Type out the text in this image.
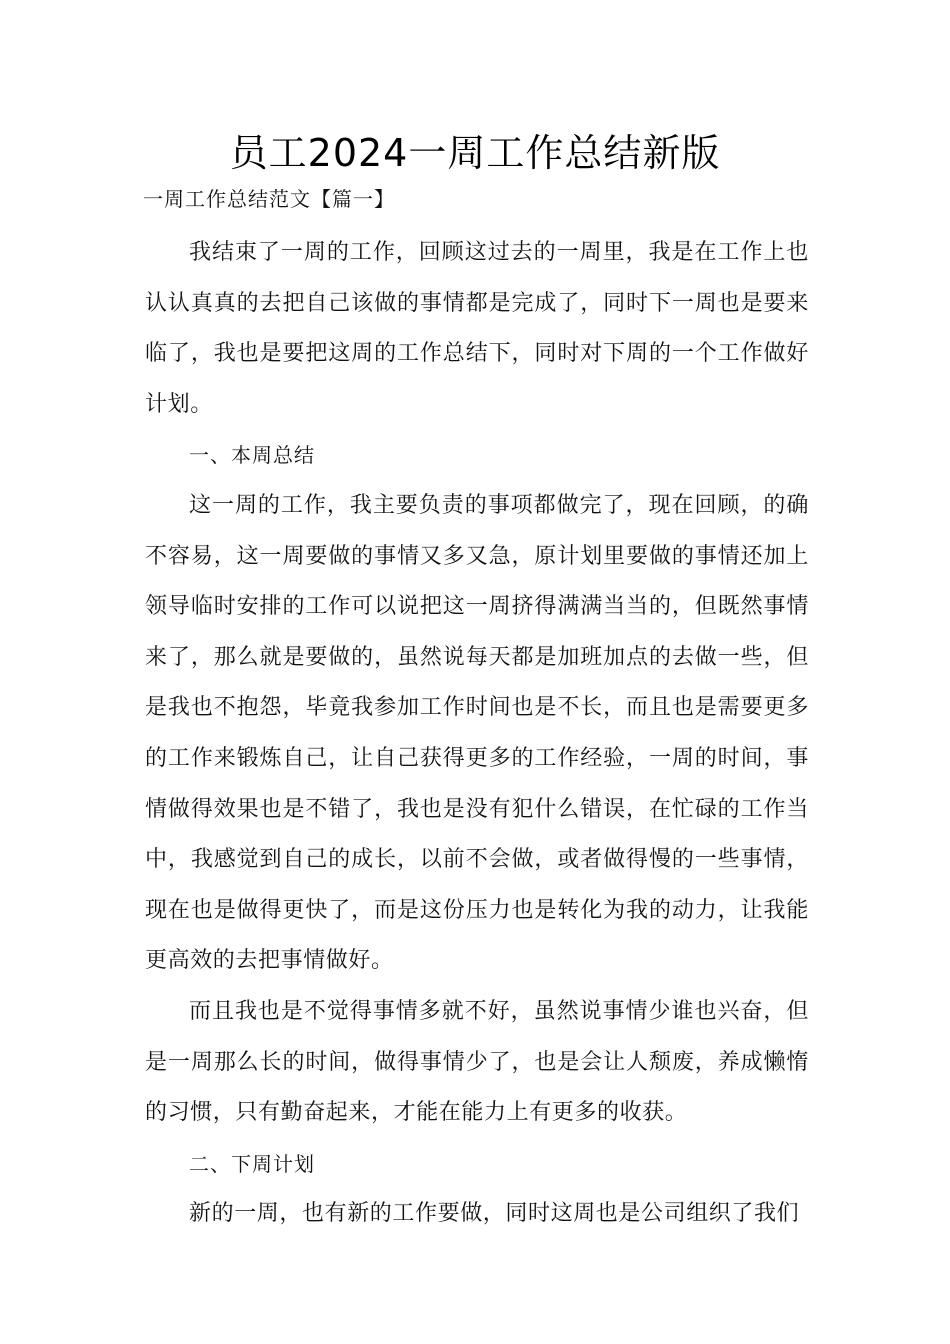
员工2024一周工作总结新版
一周工作总结范文【篇一】

我结束了一周的工作，回顾这过去的一周里，我是在工作上也认认真真的去把自己该做的事情都是完成了，同时下一周也是要来临了，我也是要把这周的工作总结下，同时对下周的一个工作做好计划。

一、本周总结

这一周的工作，我主要负责的事项都做完了，现在回顾，的确不容易，这一周要做的事情又多又急，原计划里要做的事情还加上领导临时安排的工作可以说把这一周挤得满满当当的，但既然事情来了，那么就是要做的，虽然说每天都是加班加点的去做一些，但是我也不抱怨，毕竟我参加工作时间也是不长，而且也是需要更多的工作来锻炼自己，让自己获得更多的工作经验，一周的时间，事情做得效果也是不错了，我也是没有犯什么错误，在忙碌的工作当中，我感觉到自己的成长，以前不会做，或者做得慢的一些事情，现在也是做得更快了，而是这份压力也是转化为我的动力，让我能更高效的去把事情做好。

而且我也是不觉得事情多就不好，虽然说事情少谁也兴奋，但是一周那么长的时间，做得事情少了，也是会让人颓废，养成懒惰的习惯，只有勤奋起来，才能在能力上有更多的收获。

二、下周计划

新的一周，也有新的工作要做，同时这周也是公司组织了我们
